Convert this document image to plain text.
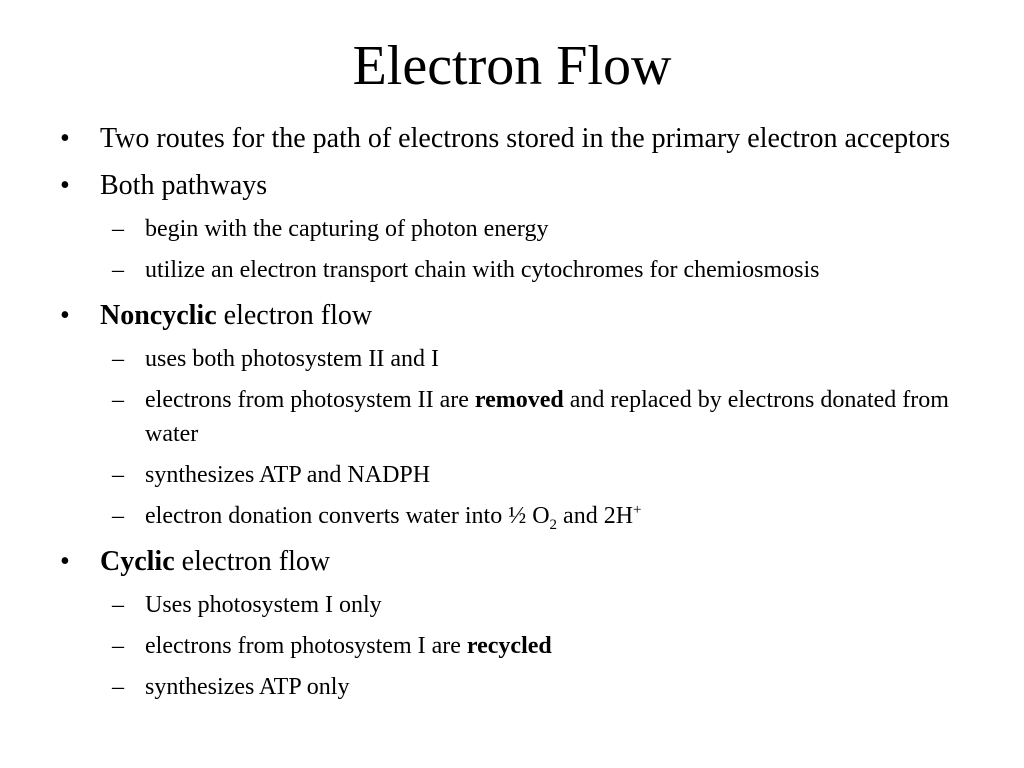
Electron Flow
• Two routes for the path of electrons stored in the primary electron acceptors
• Both pathways
– begin with the capturing of photon energy
– utilize an electron transport chain with cytochromes for chemiosmosis
• Noncyclic electron flow
– uses both photosystem II and I
– electrons from photosystem II are removed and replaced by electrons donated from water
– synthesizes ATP and NADPH
– electron donation converts water into ½ $O_2$ and 2H+
• Cyclic electron flow
– Uses photosystem I only
– electrons from photosystem I are recycled
– synthesizes ATP only
